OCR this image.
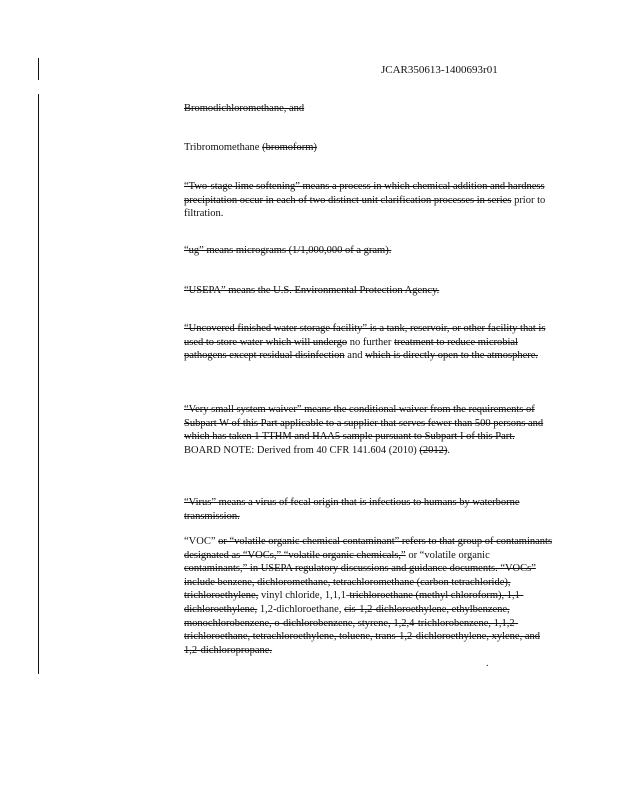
JCAR350613-1400693r01
Bromodichloromethane, and
Tribromomethane (bromoform)
“Two-stage lime softening” means a process in which chemical addition and hardness precipitation occur in each of two distinct unit clarification processes in series prior to filtration.
“ug” means micrograms (1/1,000,000 of a gram).
“USEPA” means the U.S. Environmental Protection Agency.
“Uncovered finished water storage facility” is a tank, reservoir, or other facility that is used to store water which will undergo no further treatment to reduce microbial pathogens except residual disinfection and which is directly open to the atmosphere.
“Very small system waiver” means the conditional waiver from the requirements of Subpart W of this Part applicable to a supplier that serves fewer than 500 persons and which has taken 1 TTHM and HAA5 sample pursuant to Subpart I of this Part.
BOARD NOTE: Derived from 40 CFR 141.604 (2010) (2012).
“Virus” means a virus of fecal origin that is infectious to humans by waterborne transmission.
“VOC” or “volatile organic chemical contaminant” refers to that group of contaminants designated as “VOCs,” “volatile organic chemicals,” or “volatile organic contaminants,” in USEPA regulatory discussions and guidance documents. “VOCs” include benzene, dichloromethane, tetrachloromethane (carbon tetrachloride), trichloroethylene, vinyl chloride, 1,1,1-trichloroethane (methyl chloroform), 1,1-dichloroethylene, 1,2-dichloroethane, cis-1,2-dichloroethylene, ethylbenzene, monochlorobenzene, o-dichlorobenzene, styrene, 1,2,4-trichlorobenzene, 1,1,2-trichloroethane, tetrachloroethylene, toluene, trans-1,2-dichloroethylene, xylene, and 1,2-dichloropropane.
.
